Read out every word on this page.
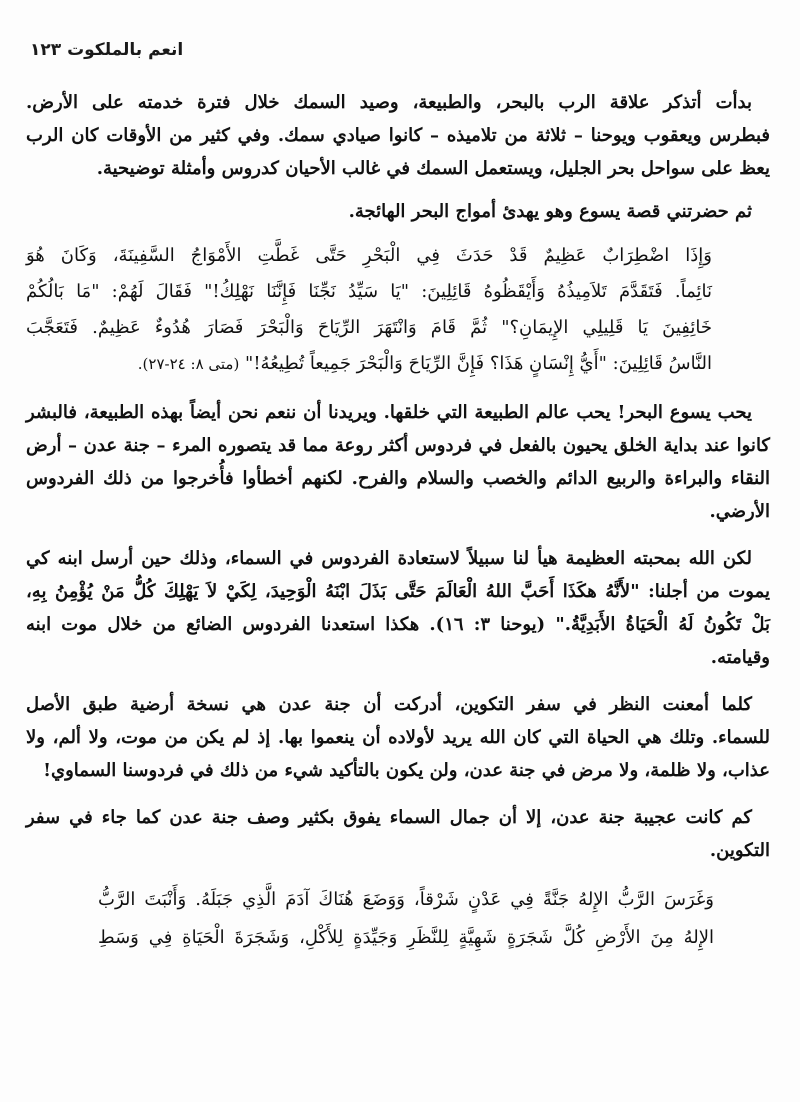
انعم بالملكوت ١٢٣
بدأت أتذكر علاقة الرب بالبحر، والطبيعة، وصيد السمك خلال فترة خدمته على الأرض.
فبطرس ويعقوب ويوحنا – ثلاثة من تلاميذه – كانوا صيادي سمك. وفي كثير من الأوقات كان الرب
يعظ على سواحل بحر الجليل، ويستعمل السمك في غالب الأحيان كدروس وأمثلة توضيحية.
ثم حضرتني قصة يسوع وهو يهدئ أمواج البحر الهائجة.
وَإِذَا اضْطِرَابٌ عَظِيمٌ قَدْ حَدَثَ فِي الْبَحْرِ حَتَّى غَطَّتِ الأَمْوَاجُ السَّفِينَةَ، وَكَانَ هُوَ
نَائِماً. فَتَقَدَّمَ تَلاَمِيذُهُ وَأَيْقَظُوهُ قَائِلِينَ: "يَا سَيِّدُ نَجِّنَا فَإِنَّنَا نَهْلِكُ!" فَقَالَ لَهُمْ: "مَا بَالُكُمْ
خَائِفِينَ يَا قَلِيلِي الإِيمَانِ؟" ثُمَّ قَامَ وَانْتَهَرَ الرِّيَاحَ وَالْبَحْرَ فَصَارَ هُدُوءٌ عَظِيمٌ. فَتَعَجَّبَ
النَّاسُ قَائِلِينَ: "أَيُّ إِنْسَانٍ هَذَا؟ فَإِنَّ الرِّيَاحَ وَالْبَحْرَ جَمِيعاً تُطِيعُهُ!" (متى ٨: ٢٤-٢٧).
يحب يسوع البحر! يحب عالم الطبيعة التي خلقها. ويريدنا أن ننعم نحن أيضاً بهذه الطبيعة، فالبشر
كانوا عند بداية الخلق يحيون بالفعل في فردوس أكثر روعة مما قد يتصوره المرء – جنة عدن – أرض
النقاء والبراءة والربيع الدائم والخصب والسلام والفرح. لكنهم أخطأوا فأُخرجوا من ذلك الفردوس
الأرضي.
لكن الله بمحبته العظيمة هيأ لنا سبيلاً لاستعادة الفردوس في السماء، وذلك حين أرسل ابنه كي
يموت من أجلنا: "لأَنَّهُ هكَذَا أَحَبَّ اللهُ الْعَالَمَ حَتَّى بَذَلَ ابْنَهُ الْوَحِيدَ، لِكَيْ لاَ يَهْلِكَ كُلُّ مَنْ يُؤْمِنُ بِهِ،
بَلْ تَكُونُ لَهُ الْحَيَاةُ الأَبَدِيَّةُ." (يوحنا ٣: ١٦). هكذا استعدنا الفردوس الضائع من خلال موت ابنه
وقيامته.
كلما أمعنت النظر في سفر التكوين، أدركت أن جنة عدن هي نسخة أرضية طبق الأصل
للسماء. وتلك هي الحياة التي كان الله يريد لأولاده أن ينعموا بها. إذ لم يكن من موت، ولا ألم، ولا
عذاب، ولا ظلمة، ولا مرض في جنة عدن، ولن يكون بالتأكيد شيء من ذلك في فردوسنا السماوي!
كم كانت عجيبة جنة عدن، إلا أن جمال السماء يفوق بكثير وصف جنة عدن كما جاء في سفر
التكوين.
وَغَرَسَ الرَّبُّ الإِلهُ جَنَّةً فِي عَدْنٍ شَرْقاً، وَوَضَعَ هُنَاكَ آدَمَ الَّذِي جَبَلَهُ. وَأَنْبَتَ الرَّبُّ
الإِلهُ مِنَ الأَرْضِ كُلَّ شَجَرَةٍ شَهِيَّةٍ لِلنَّظَرِ وَجَيِّدَةٍ لِلأَكْلِ، وَشَجَرَةَ الْحَيَاةِ فِي وَسَطِ
